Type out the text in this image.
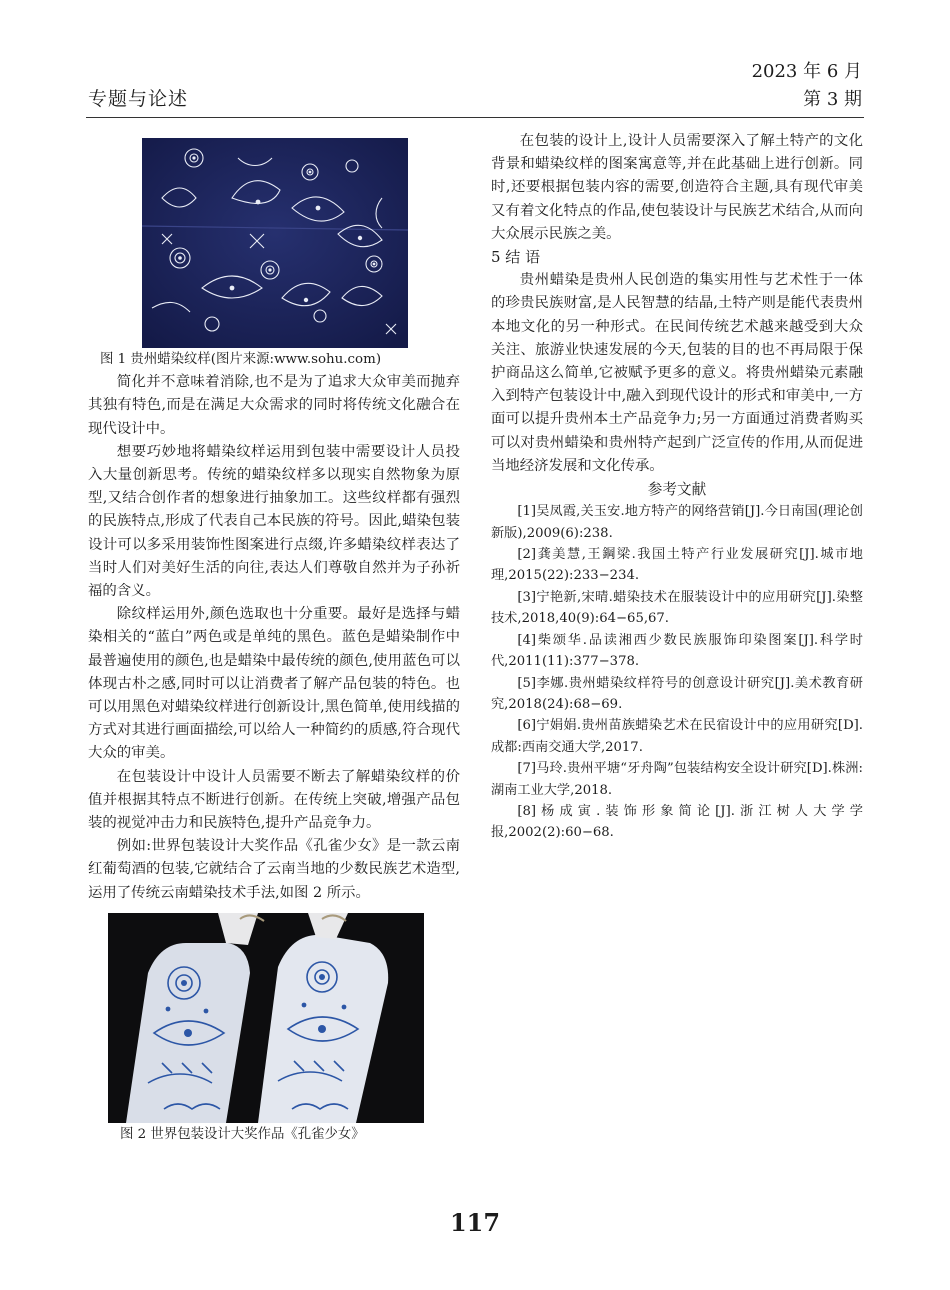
专题与论述
2023 年 6 月
第 3 期

图 1 贵州蜡染纹样(图片来源:www.sohu.com)

简化并不意味着消除,也不是为了追求大众审美而抛弃其独有特色,而是在满足大众需求的同时将传统文化融合在现代设计中。

想要巧妙地将蜡染纹样运用到包装中需要设计人员投入大量创新思考。传统的蜡染纹样多以现实自然物象为原型,又结合创作者的想象进行抽象加工。这些纹样都有强烈的民族特点,形成了代表自己本民族的符号。因此,蜡染包装设计可以多采用装饰性图案进行点缀,许多蜡染纹样表达了当时人们对美好生活的向往,表达人们尊敬自然并为子孙祈福的含义。

除纹样运用外,颜色选取也十分重要。最好是选择与蜡染相关的“蓝白”两色或是单纯的黑色。蓝色是蜡染制作中最普遍使用的颜色,也是蜡染中最传统的颜色,使用蓝色可以体现古朴之感,同时可以让消费者了解产品包装的特色。也可以用黑色对蜡染纹样进行创新设计,黑色简单,使用线描的方式对其进行画面描绘,可以给人一种简约的质感,符合现代大众的审美。

在包装设计中设计人员需要不断去了解蜡染纹样的价值并根据其特点不断进行创新。在传统上突破,增强产品包装的视觉冲击力和民族特色,提升产品竞争力。

例如:世界包装设计大奖作品《孔雀少女》是一款云南红葡萄酒的包装,它就结合了云南当地的少数民族艺术造型,运用了传统云南蜡染技术手法,如图 2 所示。

图 2 世界包装设计大奖作品《孔雀少女》

在包装的设计上,设计人员需要深入了解土特产的文化背景和蜡染纹样的图案寓意等,并在此基础上进行创新。同时,还要根据包装内容的需要,创造符合主题,具有现代审美又有着文化特点的作品,使包装设计与民族艺术结合,从而向大众展示民族之美。

5 结 语

贵州蜡染是贵州人民创造的集实用性与艺术性于一体的珍贵民族财富,是人民智慧的结晶,土特产则是能代表贵州本地文化的另一种形式。在民间传统艺术越来越受到大众关注、旅游业快速发展的今天,包装的目的也不再局限于保护商品这么简单,它被赋予更多的意义。将贵州蜡染元素融入到特产包装设计中,融入到现代设计的形式和审美中,一方面可以提升贵州本土产品竞争力;另一方面通过消费者购买可以对贵州蜡染和贵州特产起到广泛宣传的作用,从而促进当地经济发展和文化传承。

参考文献

[1]吴凤霞,关玉安.地方特产的网络营销[J].今日南国(理论创新版),2009(6):238.

[2]龚美慧,王鋼梁.我国土特产行业发展研究[J].城市地理,2015(22):233−234.

[3]宁艳新,宋晴.蜡染技术在服装设计中的应用研究[J].染整技术,2018,40(9):64−65,67.

[4]柴颂华.品读湘西少数民族服饰印染图案[J].科学时代,2011(11):377−378.

[5]李娜.贵州蜡染纹样符号的创意设计研究[J].美术教育研究,2018(24):68−69.

[6]宁娟娟.贵州苗族蜡染艺术在民宿设计中的应用研究[D].成都:西南交通大学,2017.

[7]马玲.贵州平塘“牙舟陶”包装结构安全设计研究[D].株洲:湖南工业大学,2018.

[8]杨成寅.装饰形象简论[J].浙江树人大学学报,2002(2):60−68.

117
